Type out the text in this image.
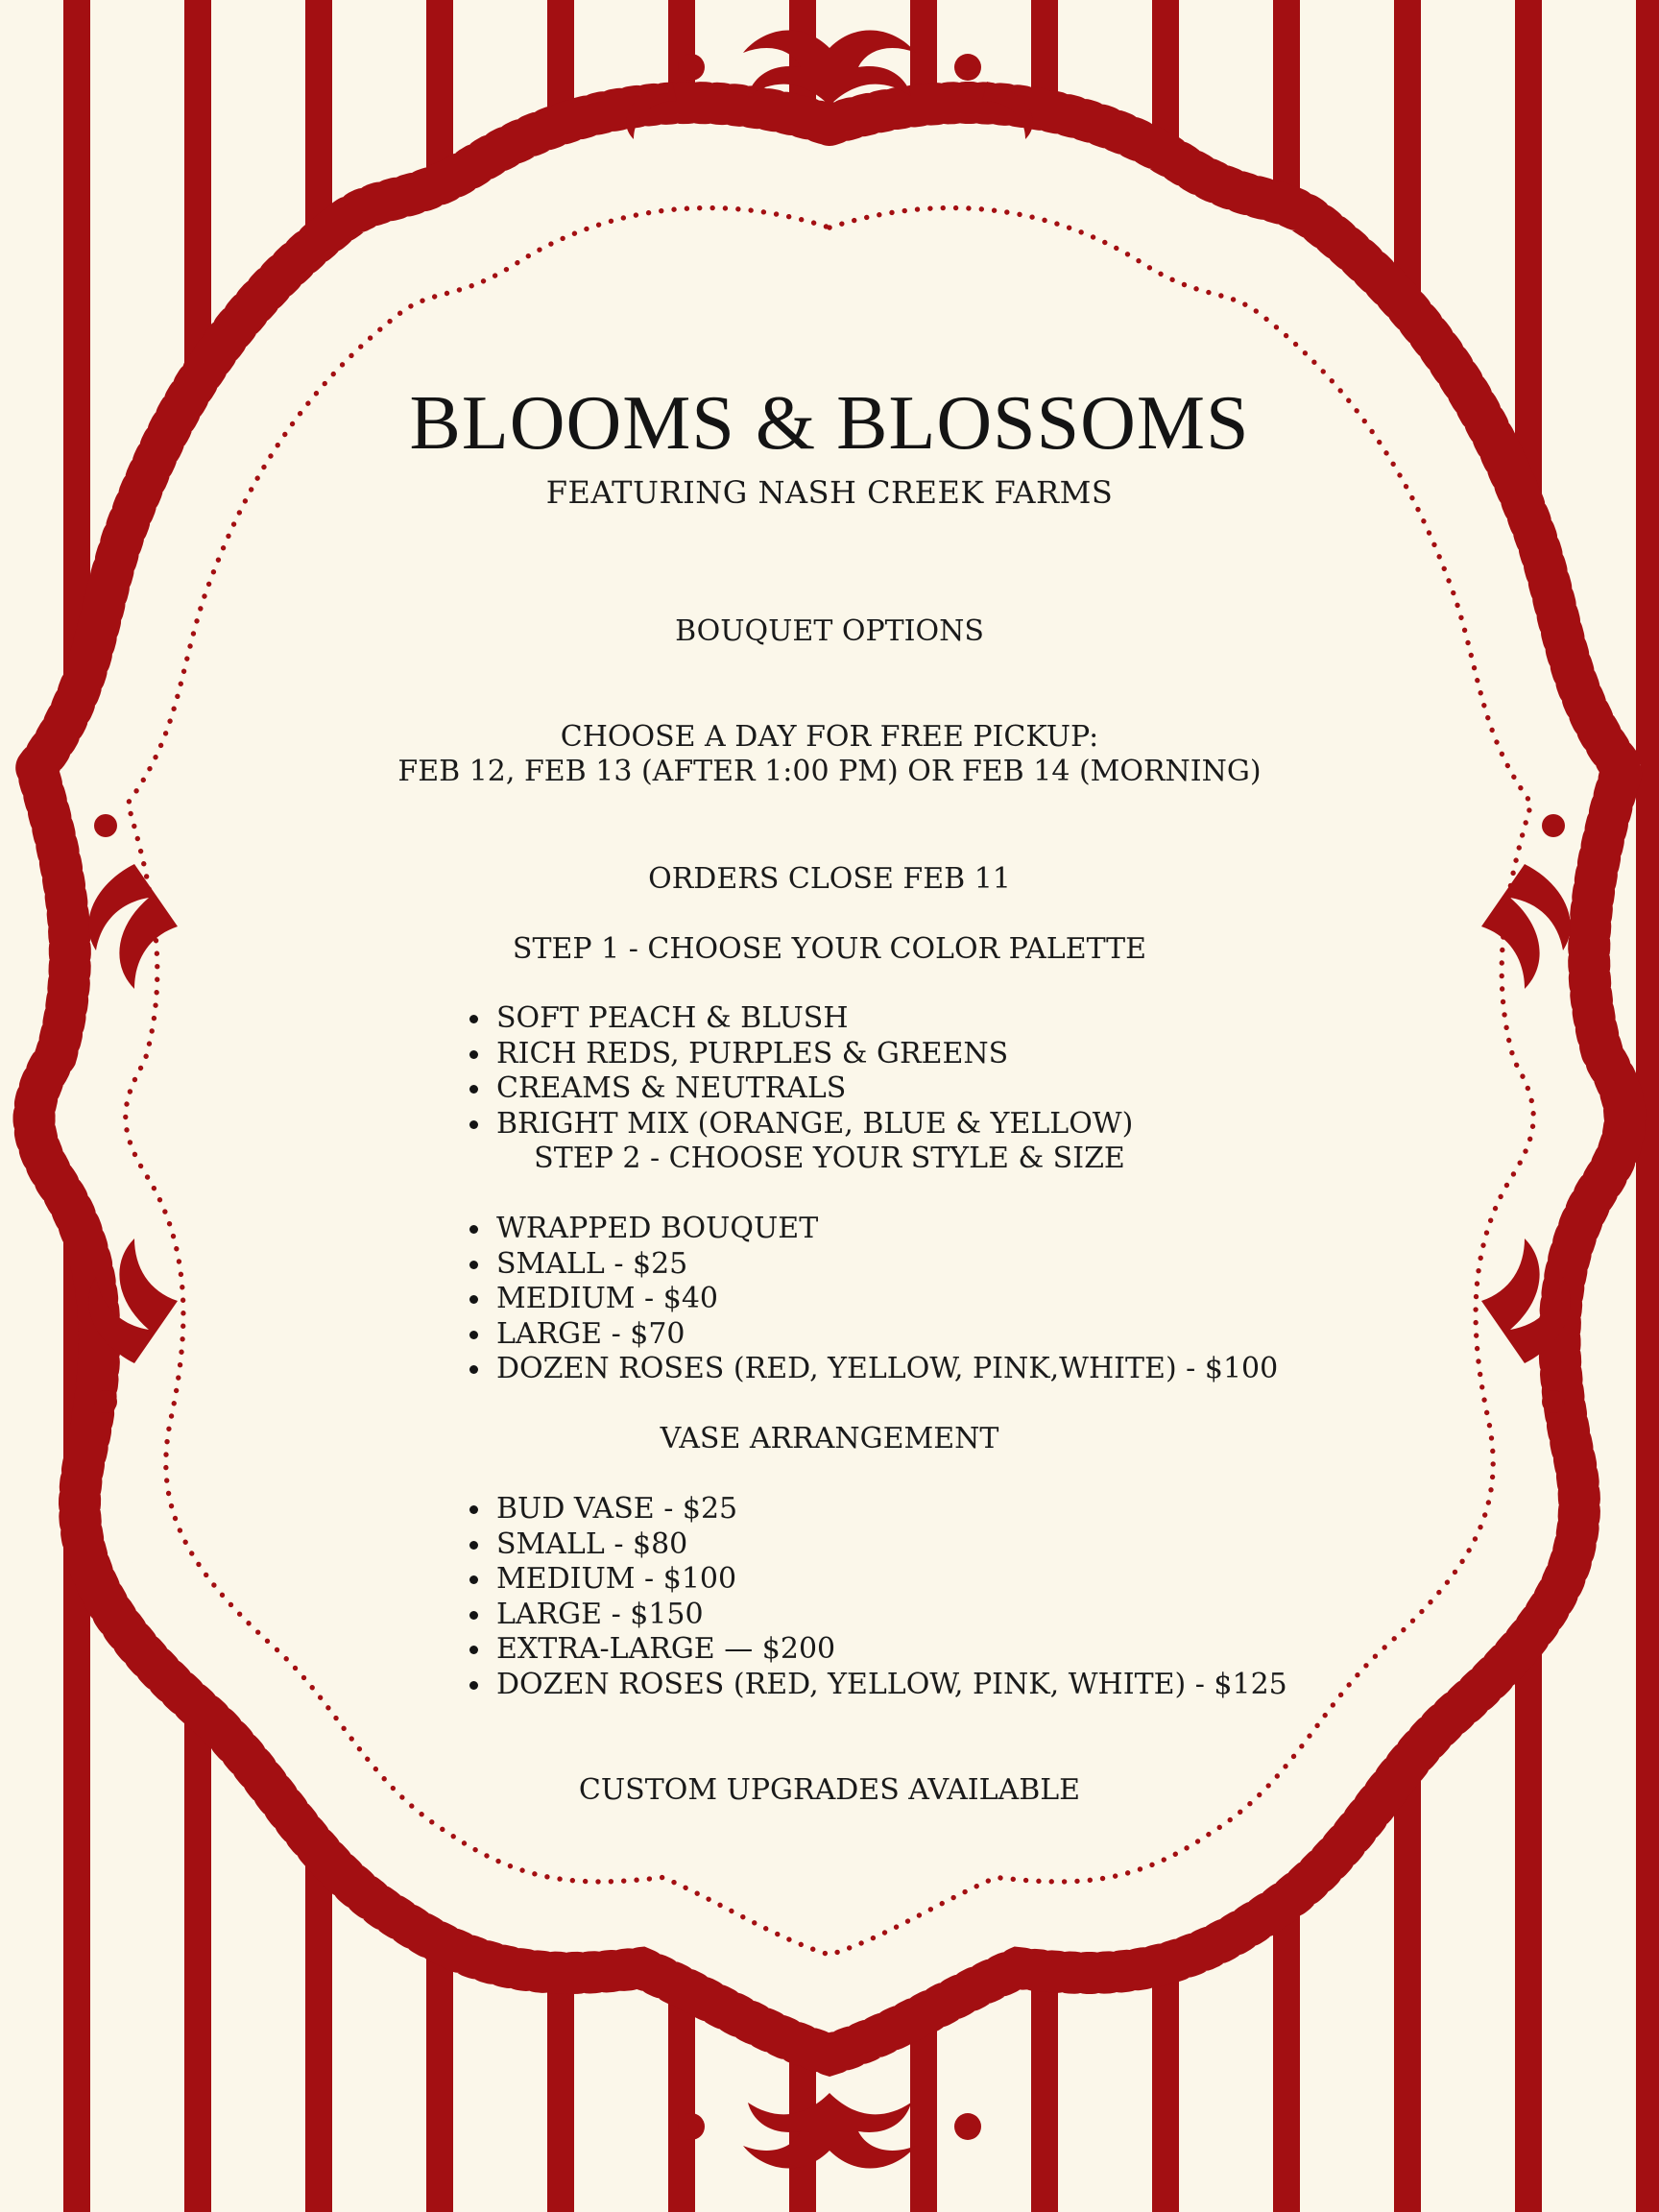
BLOOMS & BLOSSOMS

FEATURING NASH CREEK FARMS

BOUQUET OPTIONS

CHOOSE A DAY FOR FREE PICKUP:

FEB 12, FEB 13 (AFTER 1:00 PM) OR FEB 14 (MORNING)

ORDERS CLOSE FEB 11

STEP 1 - CHOOSE YOUR COLOR PALETTE

SOFT PEACH & BLUSH
RICH REDS, PURPLES & GREENS
CREAMS & NEUTRALS
BRIGHT MIX (ORANGE, BLUE & YELLOW)

STEP 2 - CHOOSE YOUR STYLE & SIZE

WRAPPED BOUQUET
SMALL - $25
MEDIUM - $40
LARGE - $70
DOZEN ROSES (RED, YELLOW, PINK,WHITE) - $100

VASE ARRANGEMENT

BUD VASE - $25
SMALL - $80
MEDIUM - $100
LARGE - $150
EXTRA-LARGE — $200
DOZEN ROSES (RED, YELLOW, PINK, WHITE) - $125

CUSTOM UPGRADES AVAILABLE
